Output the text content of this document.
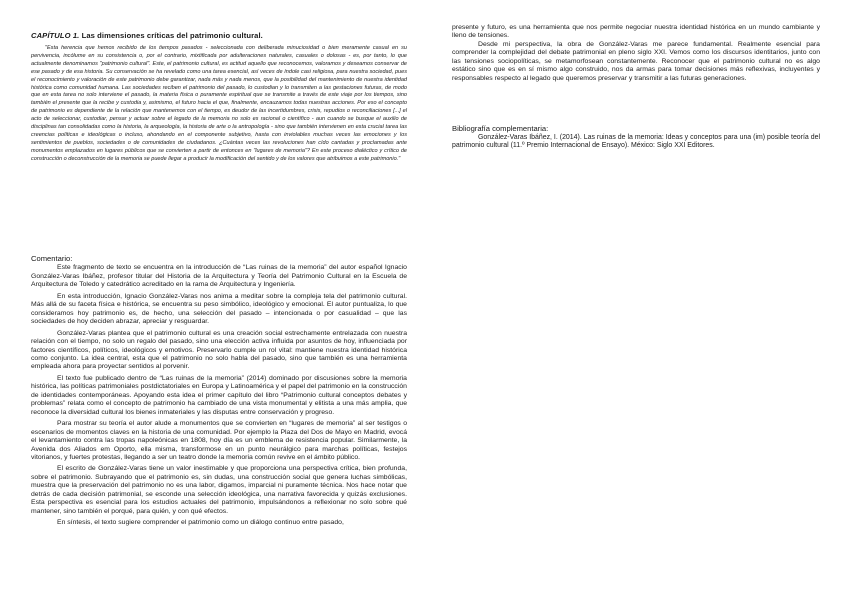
CAPÍTULO 1. Las dimensiones críticas del patrimonio cultural.

"Esta herencia que hemos recibido de los tiempos pasados - seleccionada con deliberada minuciosidad o bien meramente casual en su pervivencia, incólume en su consistencia o, por el contrario, mixtificada por adulteraciones naturales, casuales o dolosas - es, por tanto, lo que actualmente denominamos "patrimonio cultural". Este, el patrimonio cultural, es actitud aquello que reconocemos, valoramos y deseamos conservar de ese pasado y de esa historia. Su conservación se ha revelado como una tarea esencial, así veces de índole casi religiosa, para nuestra sociedad, pues el reconocimiento y valoración de este patrimonio debe garantizar, nada más y nada menos, que la posibilidad del mantenimiento de nuestra identidad histórica como comunidad humana. Las sociedades reciben el patrimonio del pasado, lo custodian y lo transmiten a las gestaciones futuras, de modo que en esta tarea no solo interviene el pasado, la materia física o puramente espiritual que se transmite a través de este viaje por los tiempos, sino también el presente que la recibe y custodia y, asimismo, el futuro hacia el que, finalmente, encauzamos todas nuestras acciones. Por eso el concepto de patrimonio es dependiente de la relación que mantenemos con el tiempo, es deudor de las incertidumbres, crisis, repudios o reconciliaciones [...] el acto de seleccionar, custodiar, pensar y actuar sobre el legado de la memoria no solo es racional o científico - aun cuando se busque el auxilio de disciplinas tan consolidadas como la historia, la arqueología, la historia de arte o la antropología - sino que también intervienen en esta crucial tarea las creencias políticas e ideológicas o incluso, ahondando en el componente subjetivo, hasta con inviolables muchas veces las emociones y los sentimientos de pueblos, sociedades o de comunidades de ciudadanos. ¿Cuántas veces las revoluciones han cído cantadas y proclamadas ante monumentos emplazados en lugares públicos que se convierten a partir de entonces en "lugares de memoria"? En este proceso dialéctico y crítico de construcción o deconstrucción de la memoria se puede llegar a producir la modificación del sentido y de los valores que atribuimos a este patrimonio."

Comentario:

Este fragmento de texto se encuentra en la introducción de “Las ruinas de la memoria” del autor español Ignacio González-Varas Ibáñez, profesor titular del Historia de la Arquitectura y Teoría del Patrimonio Cultural en la Escuela de Arquitectura de Toledo y catedrático acreditado en la rama de Arquitectura y Ingeniería.

En esta introducción, Ignacio González-Varas nos anima a meditar sobre la compleja tela del patrimonio cultural. Más allá de su faceta física e histórica, se encuentra su peso simbólico, ideológico y emocional. El autor puntualiza, lo que consideramos hoy patrimonio es, de hecho, una selección del pasado – intencionada o por casualidad – que las sociedades de hoy deciden abrazar, apreciar y resguardar.

González-Varas plantea que el patrimonio cultural es una creación social estrechamente entrelazada con nuestra relación con el tiempo, no solo un regalo del pasado, sino una elección activa influida por asuntos de hoy, influenciada por factores científicos, políticos, ideológicos y emotivos. Preservarlo cumple un rol vital: mantiene nuestra identidad histórica como conjunto. La idea central, esta que el patrimonio no solo habla del pasado, sino que también es una herramienta empleada ahora para proyectar sentidos al porvenir.

El texto fue publicado dentro de “Las ruinas de la memoria” (2014) dominado por discusiones sobre la memoria histórica, las políticas patrimoniales postdictatoriales en Europa y Latinoamérica y el papel del patrimonio en la construcción de identidades contemporáneas. Apoyando esta idea el primer capítulo del libro “Patrimonio cultural conceptos debates y problemas” relata como el concepto de patrimonio ha cambiado de una vista monumental y elitista a una más amplia, que reconoce la diversidad cultural los bienes inmateriales y las disputas entre conservación y progreso.

Para mostrar su teoría el autor alude a monumentos que se convierten en “lugares de memoria” al ser testigos o escenarios de momentos claves en la historia de una comunidad. Por ejemplo la Plaza del Dos de Mayo en Madrid, evocá el levantamiento contra las tropas napoleónicas en 1808, hoy día es un emblema de resistencia popular. Similarmente, la Avenida dos Aliados em Oporto, ella misma, transformose en un punto neurálgico para marchas políticas, festejos vitorianos, y fuertes protestas, llegando a ser un teatro donde la memoria común revive en el ámbito público.

El escrito de González-Varas tiene un valor inestimable y que proporciona una perspectiva crítica, bien profunda, sobre el patrimonio. Subrayando que el patrimonio es, sin dudas, una construcción social que genera luchas simbólicas, muestra que la preservación del patrimonio no es una labor, digamos, imparcial ni puramente técnica. Nos hace notar que detrás de cada decisión patrimonial, se esconde una selección ideológica, una narrativa favorecida y quizás exclusiones. Esta perspectiva es esencial para los estudios actuales del patrimonio, impulsándonos a reflexionar no solo sobre qué mantener, sino también el porqué, para quién, y con qué efectos.

En síntesis, el texto sugiere comprender el patrimonio como un diálogo continuo entre pasado,

presente y futuro, es una herramienta que nos permite negociar nuestra identidad histórica en un mundo cambiante y lleno de tensiones.

Desde mi perspectiva, la obra de González-Varas me parece fundamental. Realmente esencial para comprender la complejidad del debate patrimonial en pleno siglo XXI. Vemos como los discursos identitarios, junto con las tensiones sociopolíticas, se metamorfosean constantemente. Reconocer que el patrimonio cultural no es algo estático sino que es en sí mismo algo construido, nos da armas para tomar decisiones más reflexivas, incluyentes y responsables respecto al legado que queremos preservar y transmitir a las futuras generaciones.

Bibliografía complementaria:
González-Varas Ibáñez, I. (2014). Las ruinas de la memoria: Ideas y conceptos para una (im) posible teoría del patrimonio cultural (11.º Premio Internacional de Ensayo). México: Siglo XXI Editores.
